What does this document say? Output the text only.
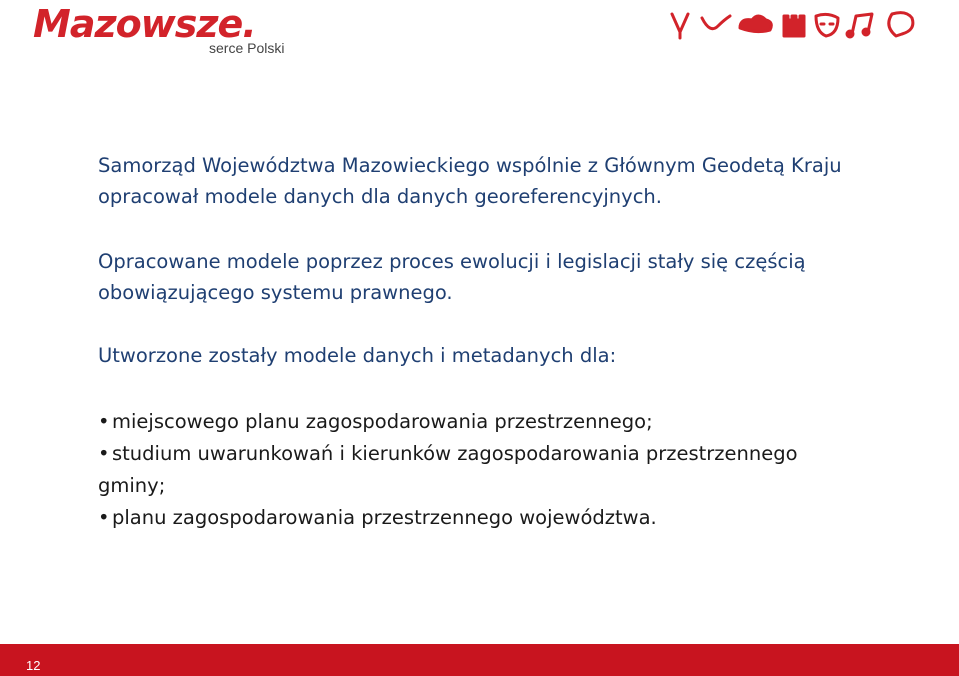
Mazowsze.
serce Polski

Samorząd Województwa Mazowieckiego wspólnie z Głównym Geodetą Kraju opracował modele danych dla danych georeferencyjnych.

Opracowane modele poprzez proces ewolucji i legislacji stały się częścią obowiązującego systemu prawnego.

Utworzone zostały modele danych i metadanych dla:

• miejscowego planu zagospodarowania przestrzennego;
• studium uwarunkowań i kierunków zagospodarowania przestrzennego gminy;
• planu zagospodarowania przestrzennego województwa.
12
